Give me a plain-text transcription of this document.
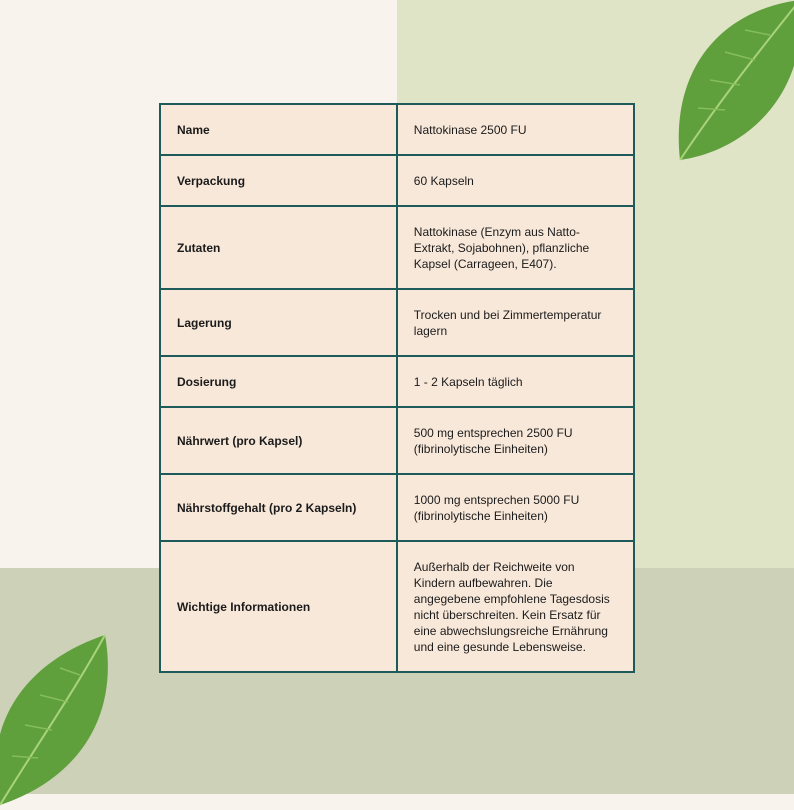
Name	Nattokinase 2500 FU
Verpackung	60 Kapseln
Zutaten	Nattokinase (Enzym aus Natto-Extrakt, Sojabohnen), pflanzliche Kapsel (Carrageen, E407).
Lagerung	Trocken und bei Zimmertemperatur lagern
Dosierung	1 - 2 Kapseln täglich
Nährwert (pro Kapsel)	500 mg entsprechen 2500 FU (fibrinolytische Einheiten)
Nährstoffgehalt (pro 2 Kapseln)	1000 mg entsprechen 5000 FU (fibrinolytische Einheiten)
Wichtige Informationen	Außerhalb der Reichweite von Kindern aufbewahren. Die angegebene empfohlene Tagesdosis nicht überschreiten. Kein Ersatz für eine abwechslungsreiche Ernährung und eine gesunde Lebensweise.
